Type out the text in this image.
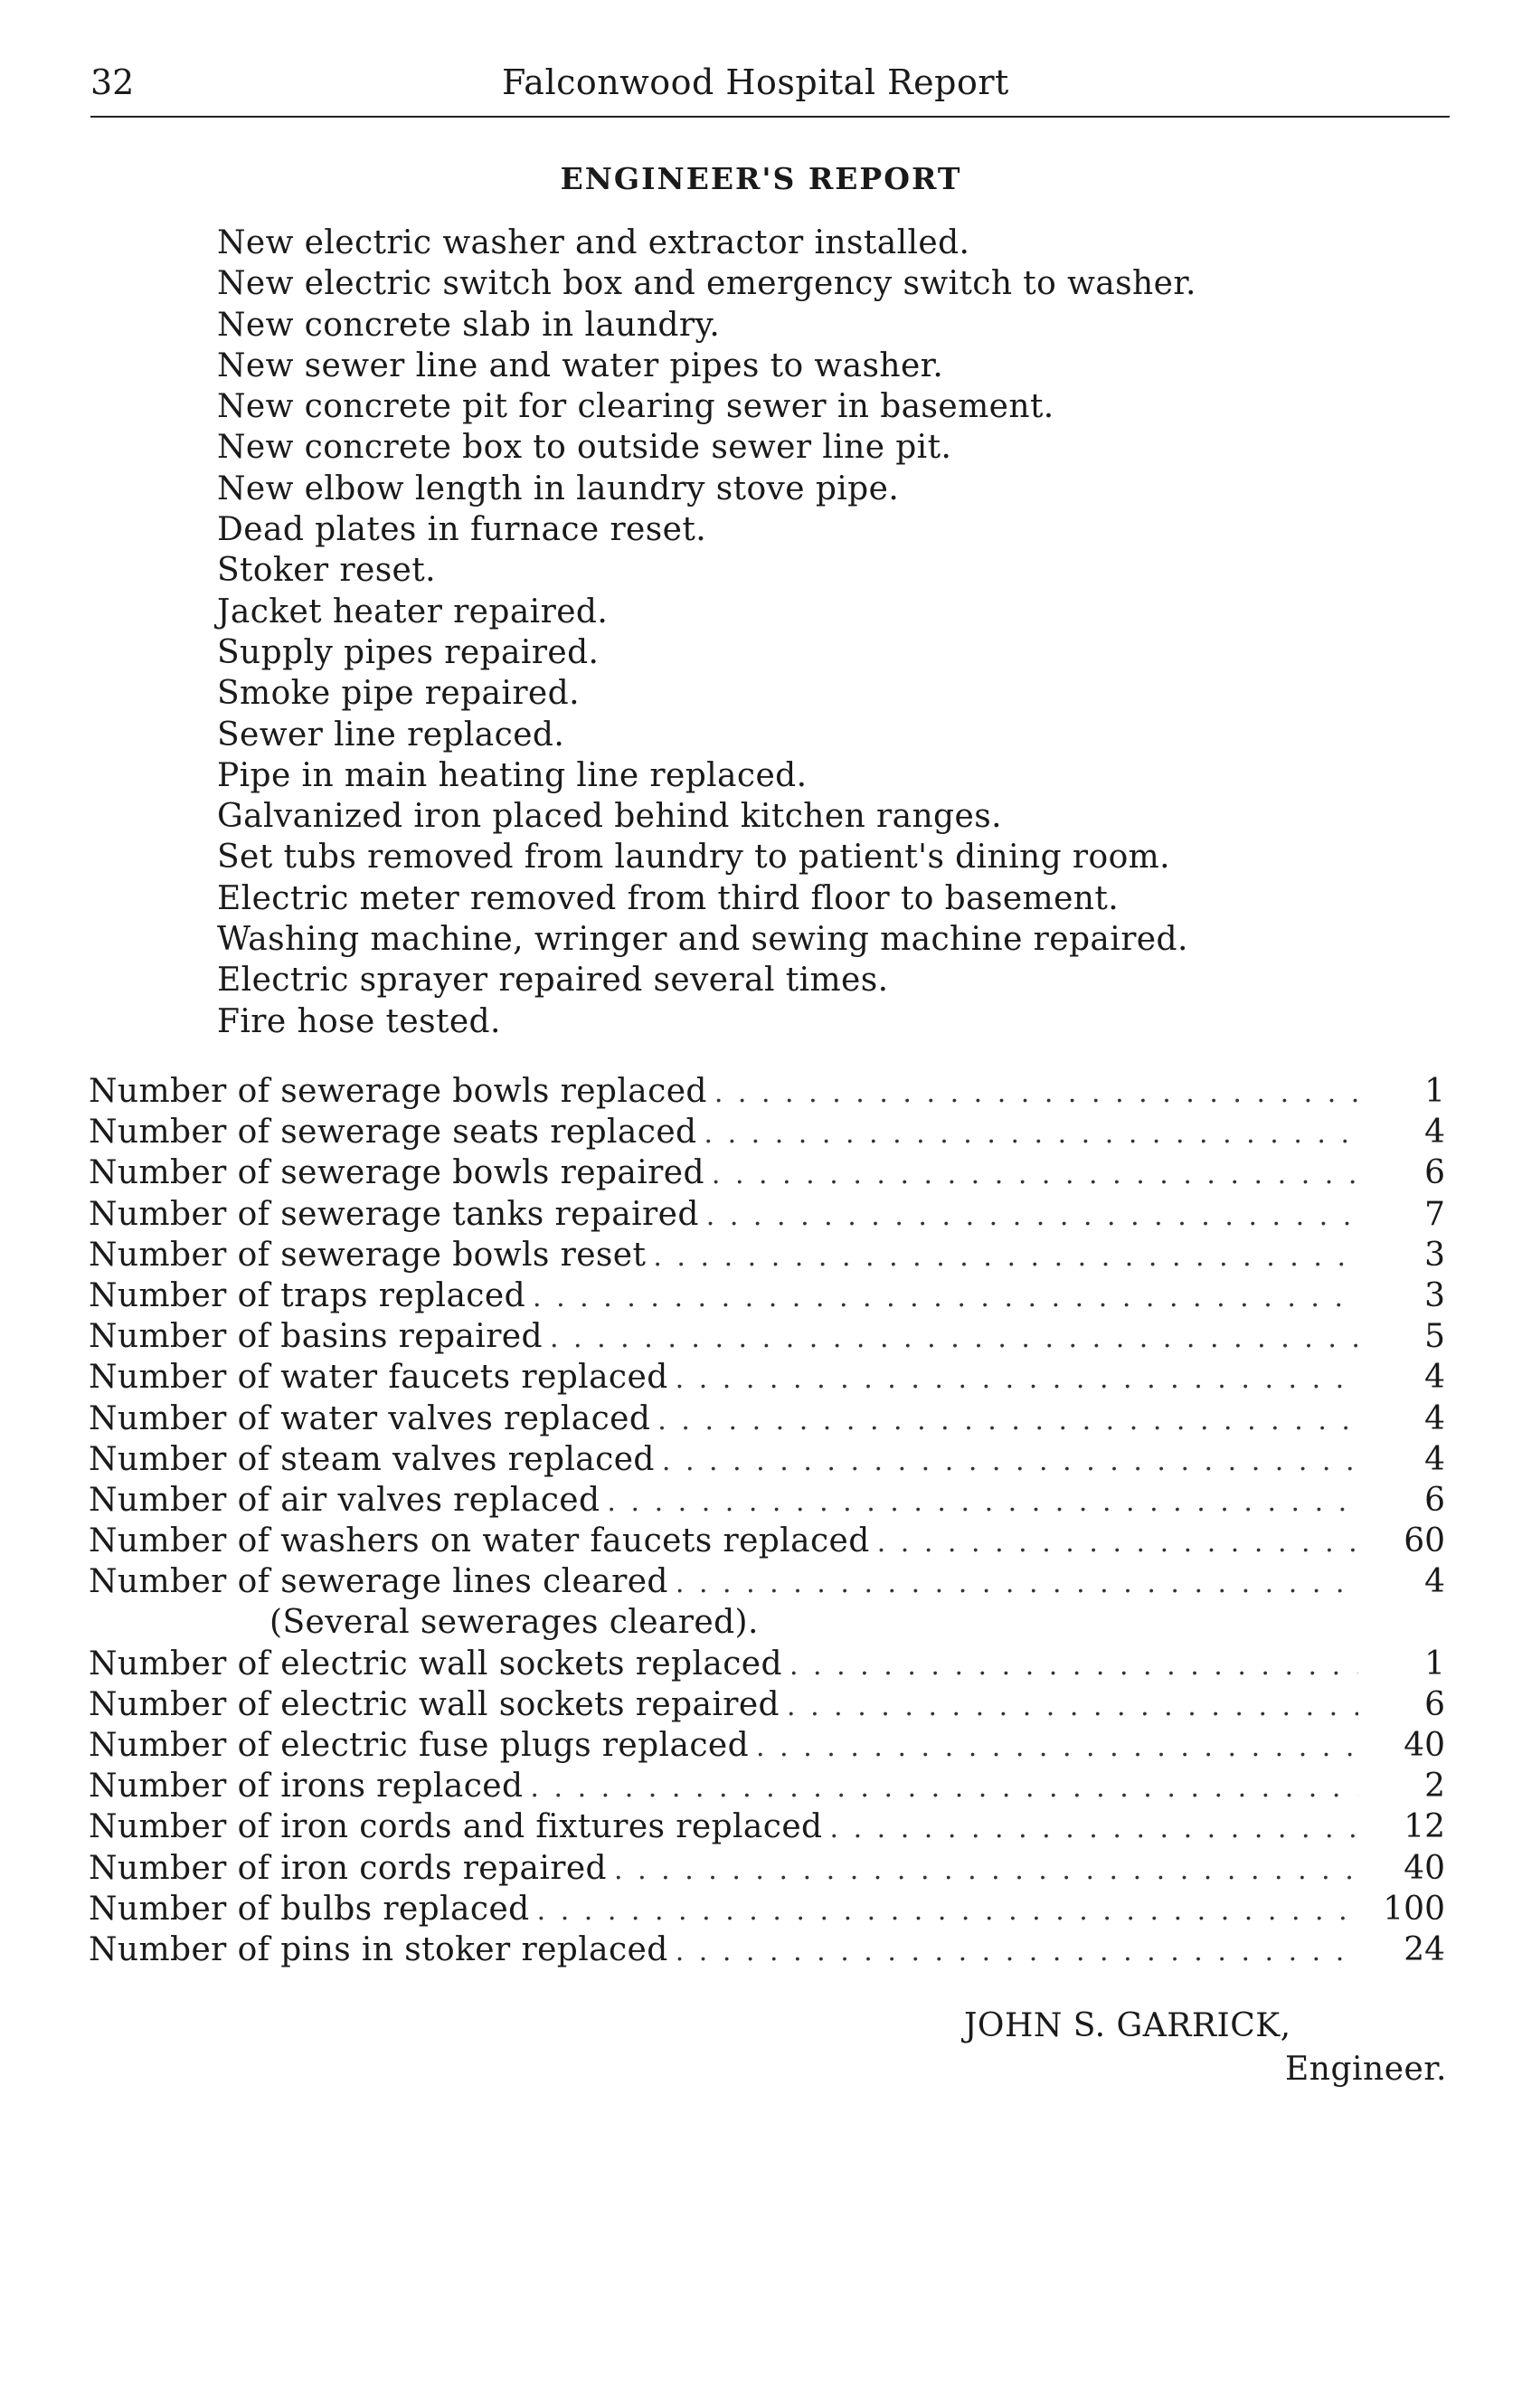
32	Falconwood Hospital Report
ENGINEER'S REPORT
New electric washer and extractor installed.
New electric switch box and emergency switch to washer.
New concrete slab in laundry.
New sewer line and water pipes to washer.
New concrete pit for clearing sewer in basement.
New concrete box to outside sewer line pit.
New elbow length in laundry stove pipe.
Dead plates in furnace reset.
Stoker reset.
Jacket heater repaired.
Supply pipes repaired.
Smoke pipe repaired.
Sewer line replaced.
Pipe in main heating line replaced.
Galvanized iron placed behind kitchen ranges.
Set tubs removed from laundry to patient's dining room.
Electric meter removed from third floor to basement.
Washing machine, wringer and sewing machine repaired.
Electric sprayer repaired several times.
Fire hose tested.
Number of sewerage bowls replaced . . .	1
Number of sewerage seats replaced . . .	4
Number of sewerage bowls repaired . . .	6
Number of sewerage tanks repaired . . .	7
Number of sewerage bowls reset . . .	3
Number of traps replaced . . .	3
Number of basins repaired . . .	5
Number of water faucets replaced . . .	4
Number of water valves replaced . . .	4
Number of steam valves replaced . . .	4
Number of air valves replaced . . .	6
Number of washers on water faucets replaced . . .	60
Number of sewerage lines cleared . . .	4
(Several sewerages cleared).
Number of electric wall sockets replaced . . .	1
Number of electric wall sockets repaired . . .	6
Number of electric fuse plugs replaced . . .	40
Number of irons replaced . . .	2
Number of iron cords and fixtures replaced . . .	12
Number of iron cords repaired . . .	40
Number of bulbs replaced . . .	100
Number of pins in stoker replaced . . .	24
JOHN S. GARRICK,
Engineer.
